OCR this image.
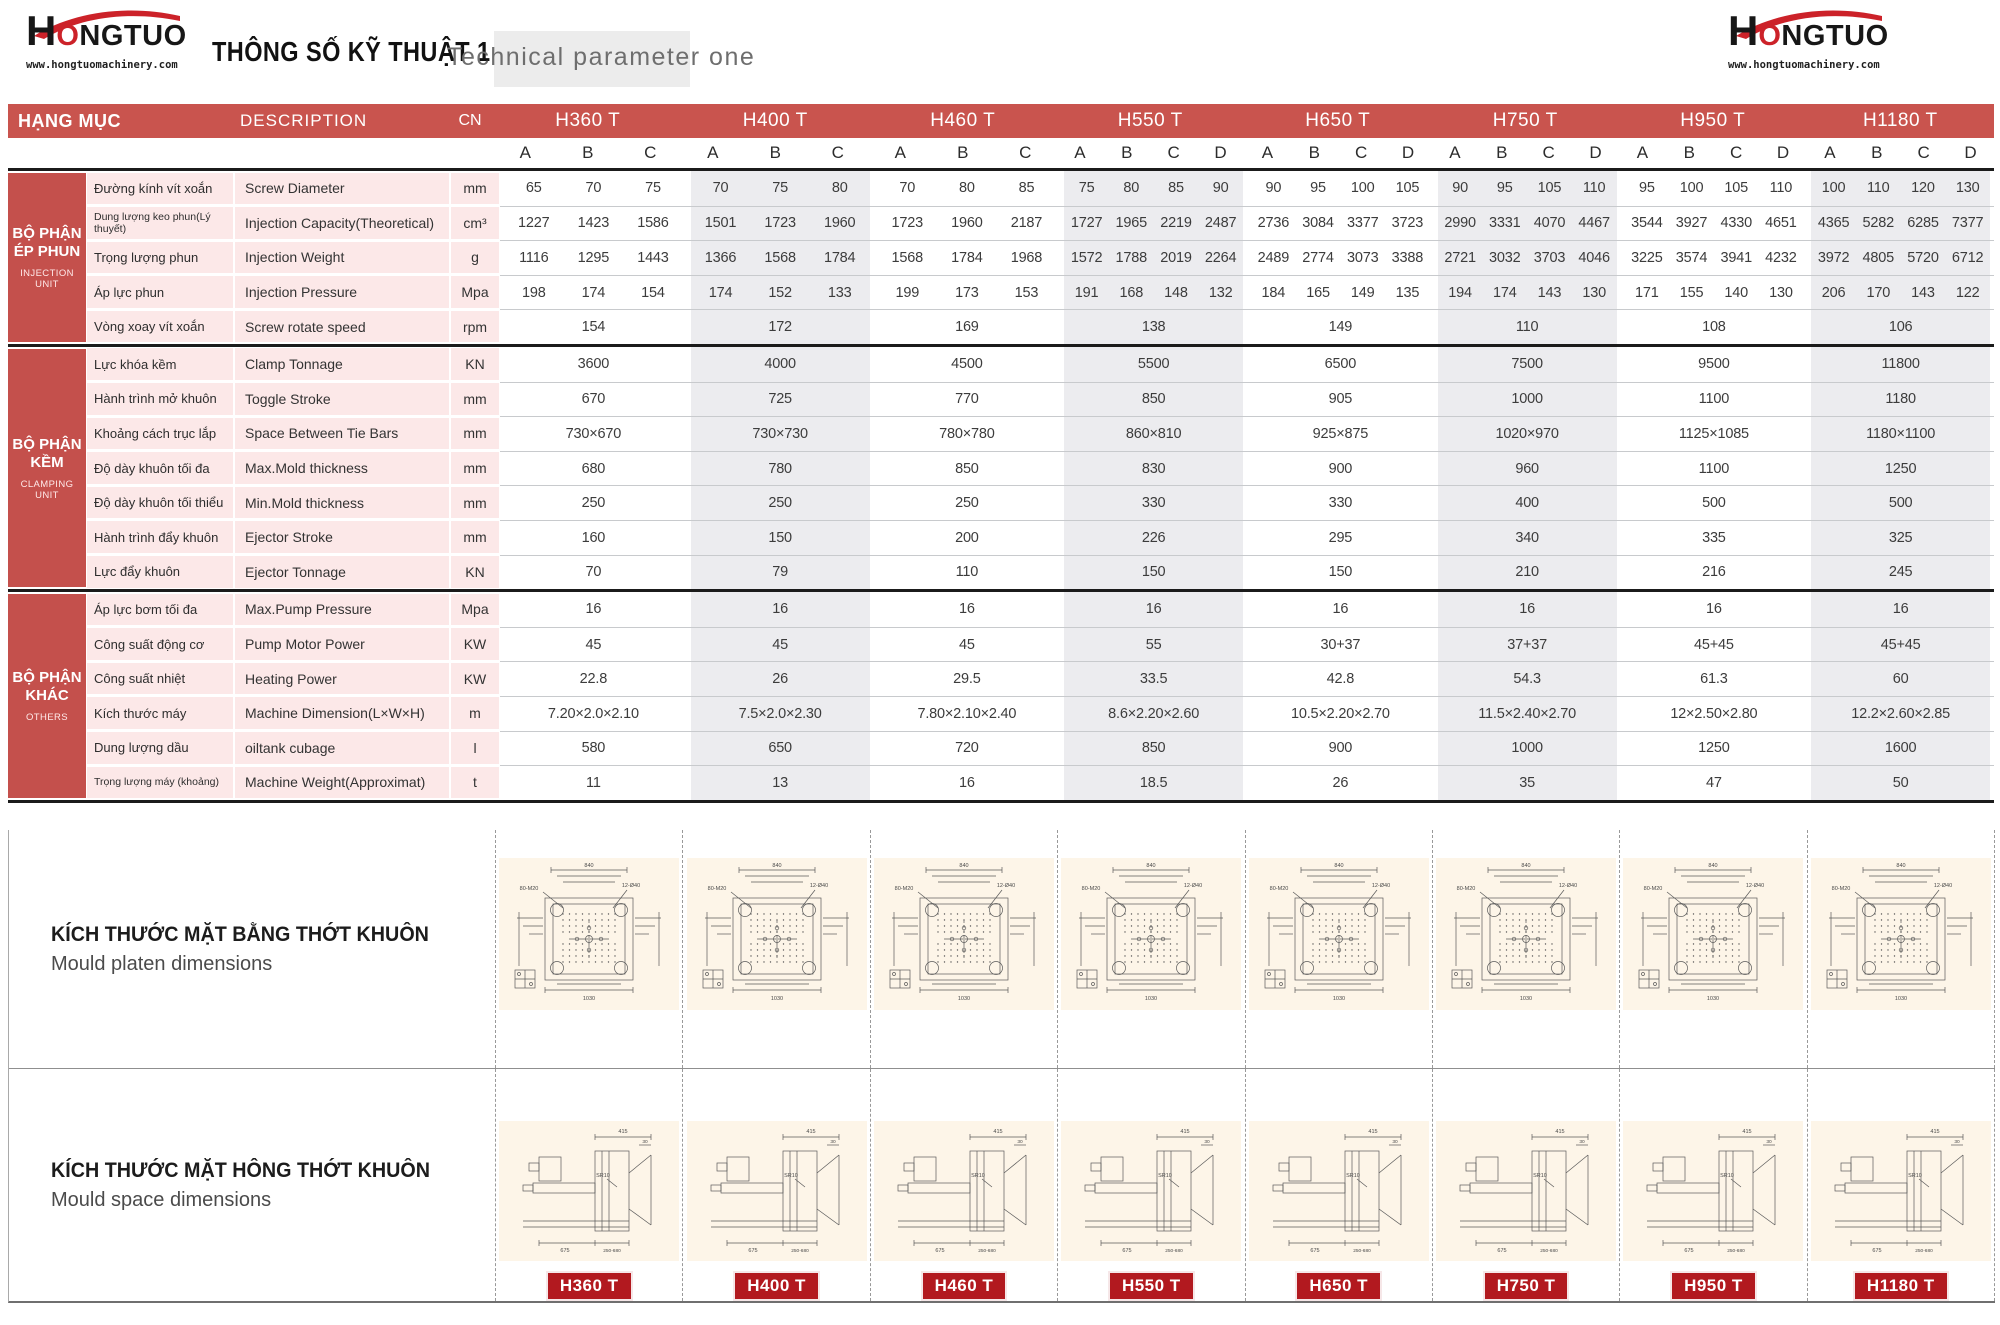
HONGTUO
www.hongtuomachinery.com	THÔNG SỐ KỸ THUẬT 1
Technical parameter one
HONGTUO
www.hongtuomachinery.com
HẠNG MỤC	DESCRIPTION	CN	H360 T	H400 T	H460 T	H550 T	H650 T	H750 T	H950 T	H1180 T
A	B	C	A	B	C	A	B	C	A	B	C	D	A	B	C	D	A	B	C	D	A	B	C	D	A	B	C	D
BỘ PHẬN ÉP PHUN
INJECTION UNIT
Đường kính vít xoắn	Screw Diameter	mm	65	70	75	70	75	80	70	80	85	75	80	85	90	90	95	100	105	90	95	105	110	95	100	105	110	100	110	120	130
Dung lượng keo phun(Lý thuyết)	Injection Capacity(Theoretical)	cm³	1227	1423	1586	1501	1723	1960	1723	1960	2187	1727 1965 2219 2487	2736 3084 3377 3723	2990 3331 4070 4467	3544 3927 4330 4651	4365 5282 6285 7377
Trọng lượng phun	Injection Weight	g	1116	1295	1443	1366	1568	1784	1568	1784	1968	1572 1788 2019 2264	2489 2774 3073 3388	2721 3032 3703 4046	3225 3574 3941 4232	3972 4805 5720 6712
Áp lực phun	Injection Pressure	Mpa	198	174	154	174	152	133	199	173	153	191	168	148	132	184	165	149	135	194	174	143	130	171	155	140	130	206	170	143	122
Vòng xoay vít xoắn	Screw rotate speed	rpm	154	172	169	138	149	110	108	106
BỘ PHẬN KỀM
CLAMPING UNIT
Lực khóa kềm	Clamp Tonnage	KN	3600	4000	4500	5500	6500	7500	9500	11800
Hành trình mở khuôn	Toggle Stroke	mm	670	725	770	850	905	1000	1100	1180
Khoảng cách trục lắp	Space Between Tie Bars	mm	730×670	730×730	780×780	860×810	925×875	1020×970	1125×1085	1180×1100
Độ dày khuôn tối đa	Max.Mold thickness	mm	680	780	850	830	900	960	1100	1250
Độ dày khuôn tối thiểu	Min.Mold thickness	mm	250	250	250	330	330	400	500	500
Hành trình đẩy khuôn	Ejector Stroke	mm	160	150	200	226	295	340	335	325
Lực đẩy khuôn	Ejector Tonnage	KN	70	79	110	150	150	210	216	245
BỘ PHẬN KHÁC
OTHERS
Áp lực bơm tối đa	Max.Pump Pressure	Mpa	16	16	16	16	16	16	16	16
Công suất động cơ	Pump Motor Power	KW	45	45	45	55	30+37	37+37	45+45	45+45
Công suất nhiệt	Heating Power	KW	22.8	26	29.5	33.5	42.8	54.3	61.3	60
Kích thước máy	Machine Dimension(L×W×H)	m	7.20×2.0×2.10	7.5×2.0×2.30	7.80×2.10×2.40	8.6×2.20×2.60	10.5×2.20×2.70	11.5×2.40×2.70	12×2.50×2.80	12.2×2.60×2.85
Dung lượng dầu	oiltank cubage	l	580	650	720	850	900	1000	1250	1600
Trọng lượng máy (khoảng)	Machine Weight(Approximat)	t	11	13	16	18.5	26	35	47	50
KÍCH THƯỚC MẶT BẰNG THỚT KHUÔN
Mould platen dimensions
840
80-M20	12-Ø40
1030
840
80-M20	12-Ø40
1030
840
80-M20	12-Ø40
1030
840
80-M20	12-Ø40
1030
840
80-M20	12-Ø40
1030
840
80-M20	12-Ø40
1030
840
80-M20	12-Ø40
1030
840
80-M20	12-Ø40
1030
KÍCH THƯỚC MẶT HÔNG THỚT KHUÔN
Mould space dimensions
415
30
SR10
675	250-680
H360 T
415
30
SR10
675	250-680
H400 T
415
30
SR10
675	250-680
H460 T
415
30
SR10
675	250-680
H550 T
415
30
SR10
675	250-680
H650 T
415
30
SR10
675	250-680
H750 T
415
30
SR10
675	250-680
H950 T
415
30
SR10
675	250-680
H1180 T
